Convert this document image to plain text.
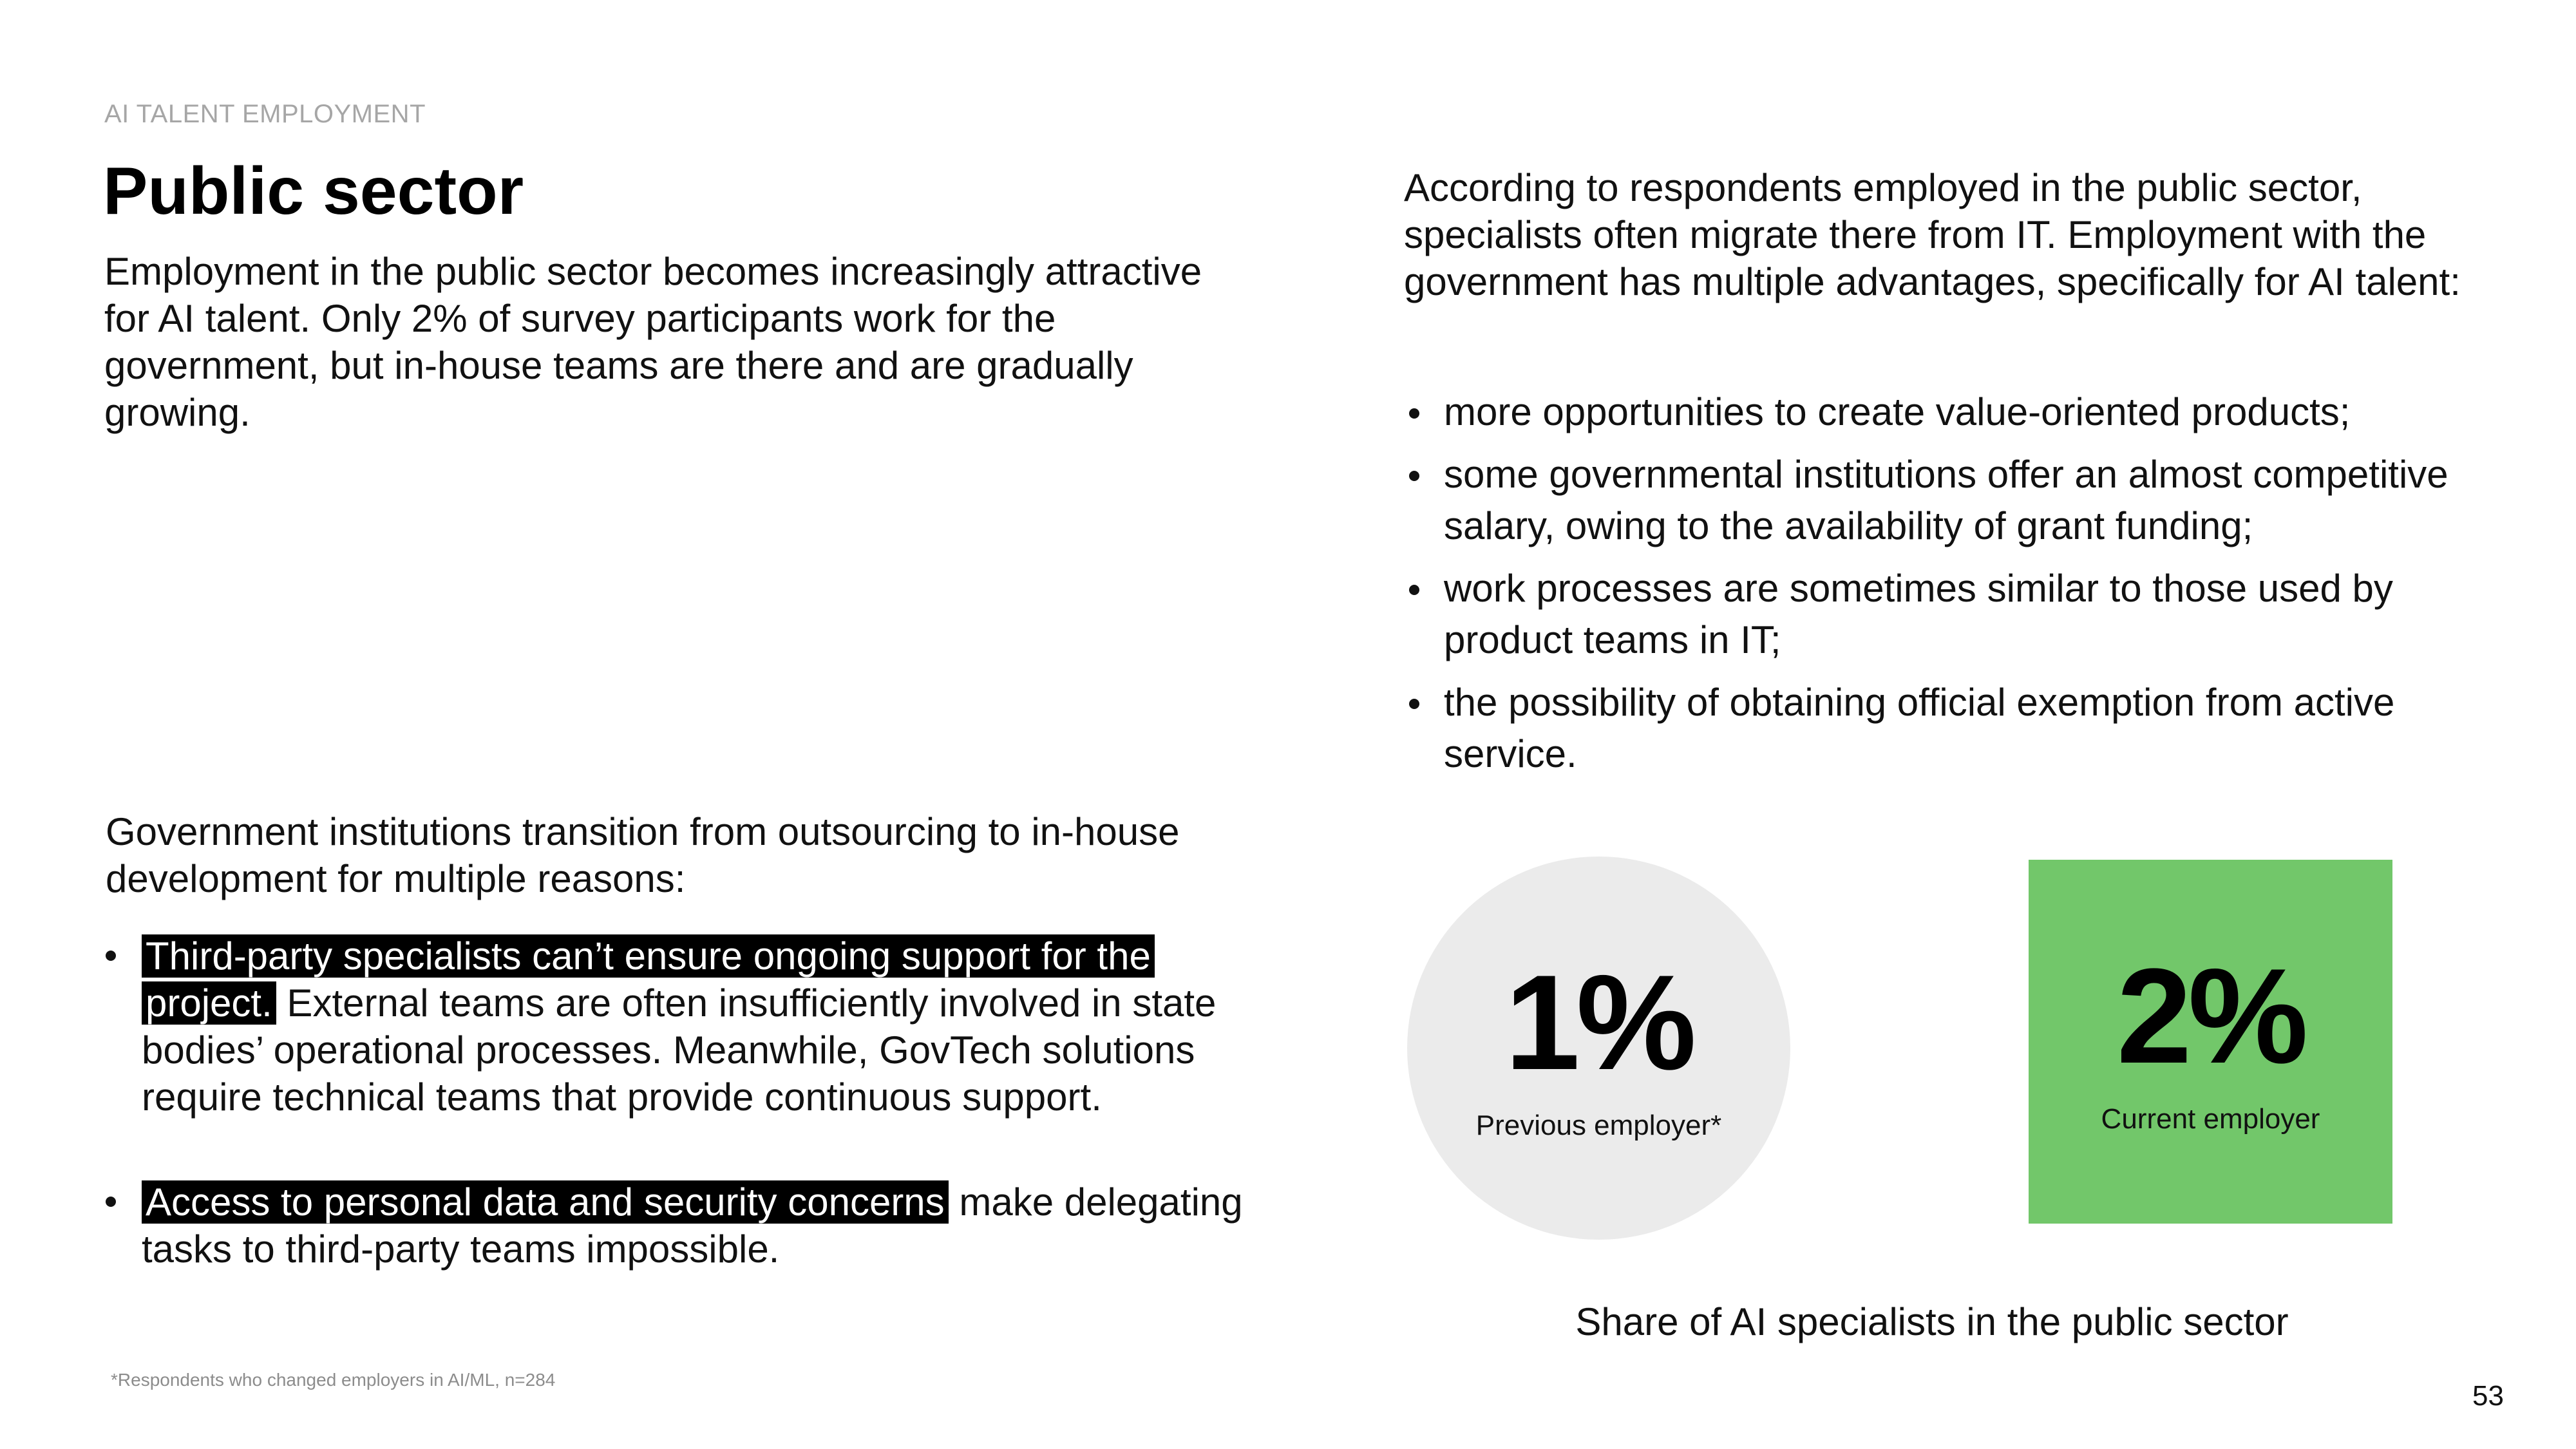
AI TALENT EMPLOYMENT
Public sector

Employment in the public sector becomes increasingly attractive for AI talent. Only 2% of survey participants work for the government, but in-house teams are there and are gradually growing.

According to respondents employed in the public sector, specialists often migrate there from IT. Employment with the government has multiple advantages, specifically for AI talent:

more opportunities to create value-oriented products;
some governmental institutions offer an almost competitive salary, owing to the availability of grant funding;
work processes are sometimes similar to those used by product teams in IT;
the possibility of obtaining official exemption from active service.

Government institutions transition from outsourcing to in-house development for multiple reasons:

Third-party specialists can’t ensure ongoing support for the project. External teams are often insufficiently involved in state bodies’ operational processes. Meanwhile, GovTech solutions require technical teams that provide continuous support.
Access to personal data and security concerns make delegating tasks to third-party teams impossible.
1%
Previous employer*
2%
Current employer
Share of AI specialists in the public sector
*Respondents who changed employers in AI/ML, n=284
53
